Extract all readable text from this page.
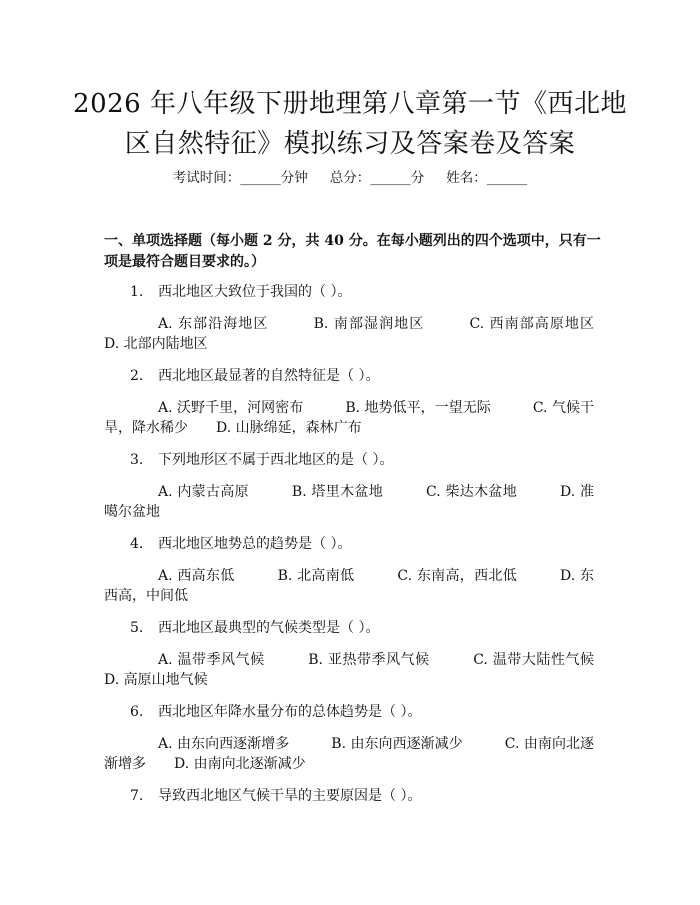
2026 年八年级下册地理第八章第一节《西北地区自然特征》模拟练习及答案卷及答案
考试时间：______分钟 总分：______分 姓名：______
一、单项选择题（每小题 2 分，共 40 分。在每小题列出的四个选项中，只有一项是最符合题目要求的。）
1. 西北地区大致位于我国的（ ）。
A. 东部沿海地区　　　B. 南部湿润地区　　　C. 西南部高原地区　　　D. 北部内陆地区
2. 西北地区最显著的自然特征是（ ）。
A. 沃野千里，河网密布　　　B. 地势低平，一望无际　　　C. 气候干旱，降水稀少　　D. 山脉绵延，森林广布
3. 下列地形区不属于西北地区的是（ ）。
A. 内蒙古高原　　　B. 塔里木盆地　　　C. 柴达木盆地　　　D. 准噶尔盆地
4. 西北地区地势总的趋势是（ ）。
A. 西高东低　　　B. 北高南低　　　C. 东南高，西北低　　　D. 东西高，中间低
5. 西北地区最典型的气候类型是（ ）。
A. 温带季风气候　　　B. 亚热带季风气候　　　C. 温带大陆性气候　　　D. 高原山地气候
6. 西北地区年降水量分布的总体趋势是（ ）。
A. 由东向西逐渐增多　　　B. 由东向西逐渐减少　　　C. 由南向北逐渐增多　　D. 由南向北逐渐减少
7. 导致西北地区气候干旱的主要原因是（ ）。
